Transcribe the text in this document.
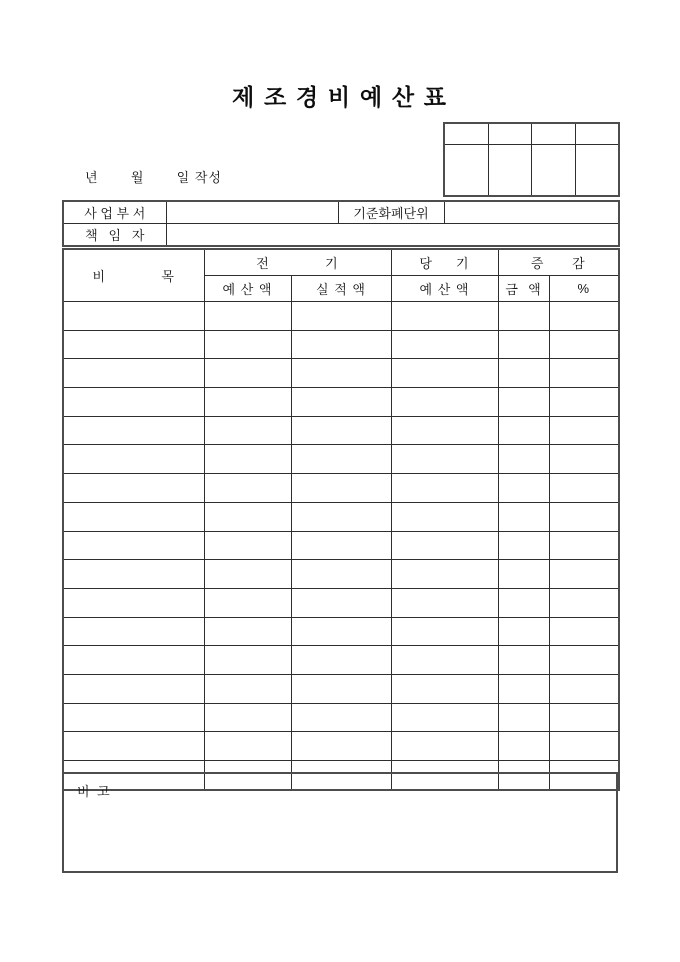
제 조 경 비 예 산 표

년       월       일 작성
사 업 부 서		기준화폐단위	
책   임   자			
비            목	전            기		당     기	증      감	
	예 산 액	실 적 액	예 산 액	금  액	%

비 고
